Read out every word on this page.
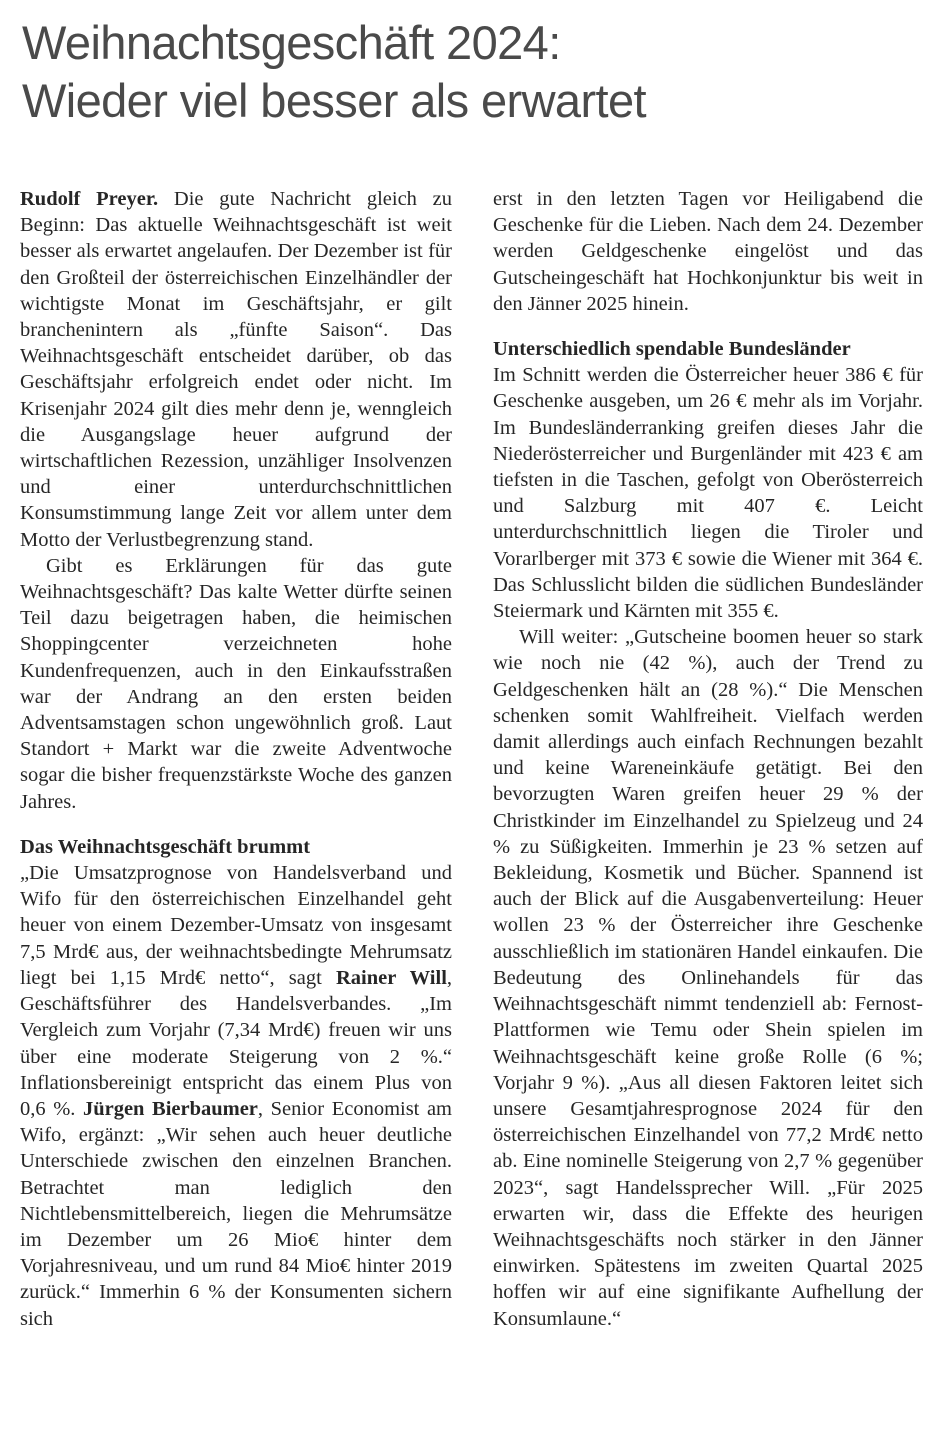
Weihnachtsgeschäft 2024:
Wieder viel besser als erwartet

Rudolf Preyer. Die gute Nachricht gleich zu Beginn: Das aktuelle Weihnachtsgeschäft ist weit besser als erwartet angelaufen. Der Dezember ist für den Großteil der österreichischen Einzelhändler der wichtigste Monat im Geschäftsjahr, er gilt branchenintern als „fünfte Saison“. Das Weihnachtsgeschäft entscheidet darüber, ob das Geschäftsjahr erfolgreich endet oder nicht. Im Krisenjahr 2024 gilt dies mehr denn je, wenngleich die Ausgangslage heuer aufgrund der wirtschaftlichen Rezession, unzähliger Insolvenzen und einer unterdurchschnittlichen Konsumstimmung lange Zeit vor allem unter dem Motto der Verlustbegrenzung stand.

Gibt es Erklärungen für das gute Weihnachtsgeschäft? Das kalte Wetter dürfte seinen Teil dazu beigetragen haben, die heimischen Shoppingcenter verzeichneten hohe Kundenfrequenzen, auch in den Einkaufsstraßen war der Andrang an den ersten beiden Adventsamstagen schon ungewöhnlich groß. Laut Standort + Markt war die zweite Adventwoche sogar die bisher frequenzstärkste Woche des ganzen Jahres.

Das Weihnachtsgeschäft brummt

„Die Umsatzprognose von Handelsverband und Wifo für den österreichischen Einzelhandel geht heuer von einem Dezember-Umsatz von insgesamt 7,5 Mrd€ aus, der weihnachtsbedingte Mehrumsatz liegt bei 1,15 Mrd€ netto“, sagt Rainer Will, Geschäftsführer des Handelsverbandes. „Im Vergleich zum Vorjahr (7,34 Mrd€) freuen wir uns über eine moderate Steigerung von 2 %.“ Inflationsbereinigt entspricht das einem Plus von 0,6 %. Jürgen Bierbaumer, Senior Economist am Wifo, ergänzt: „Wir sehen auch heuer deutliche Unterschiede zwischen den einzelnen Branchen. Betrachtet man lediglich den Nichtlebensmittelbereich, liegen die Mehrumsätze im Dezember um 26 Mio€ hinter dem Vorjahresniveau, und um rund 84 Mio€ hinter 2019 zurück.“ Immerhin 6 % der Konsumenten sichern sich

erst in den letzten Tagen vor Heiligabend die Geschenke für die Lieben. Nach dem 24. Dezember werden Geldgeschenke eingelöst und das Gutscheingeschäft hat Hochkonjunktur bis weit in den Jänner 2025 hinein.

Unterschiedlich spendable Bundesländer

Im Schnitt werden die Österreicher heuer 386 € für Geschenke ausgeben, um 26 € mehr als im Vorjahr. Im Bundesländerranking greifen dieses Jahr die Niederösterreicher und Burgenländer mit 423 € am tiefsten in die Taschen, gefolgt von Oberösterreich und Salzburg mit 407 €. Leicht unterdurchschnittlich liegen die Tiroler und Vorarlberger mit 373 € sowie die Wiener mit 364 €. Das Schlusslicht bilden die südlichen Bundesländer Steiermark und Kärnten mit 355 €.

Will weiter: „Gutscheine boomen heuer so stark wie noch nie (42 %), auch der Trend zu Geldgeschenken hält an (28 %).“ Die Menschen schenken somit Wahlfreiheit. Vielfach werden damit allerdings auch einfach Rechnungen bezahlt und keine Wareneinkäufe getätigt. Bei den bevorzugten Waren greifen heuer 29 % der Christkinder im Einzelhandel zu Spielzeug und 24 % zu Süßigkeiten. Immerhin je 23 % setzen auf Bekleidung, Kosmetik und Bücher. Spannend ist auch der Blick auf die Ausgabenverteilung: Heuer wollen 23 % der Österreicher ihre Geschenke ausschließlich im stationären Handel einkaufen. Die Bedeutung des Onlinehandels für das Weihnachtsgeschäft nimmt tendenziell ab: Fernost-Plattformen wie Temu oder Shein spielen im Weihnachtsgeschäft keine große Rolle (6 %; Vorjahr 9 %). „Aus all diesen Faktoren leitet sich unsere Gesamtjahresprognose 2024 für den österreichischen Einzelhandel von 77,2 Mrd€ netto ab. Eine nominelle Steigerung von 2,7 % gegenüber 2023“, sagt Handelssprecher Will. „Für 2025 erwarten wir, dass die Effekte des heurigen Weihnachtsgeschäfts noch stärker in den Jänner einwirken. Spätestens im zweiten Quartal 2025 hoffen wir auf eine signifikante Aufhellung der Konsumlaune.“
